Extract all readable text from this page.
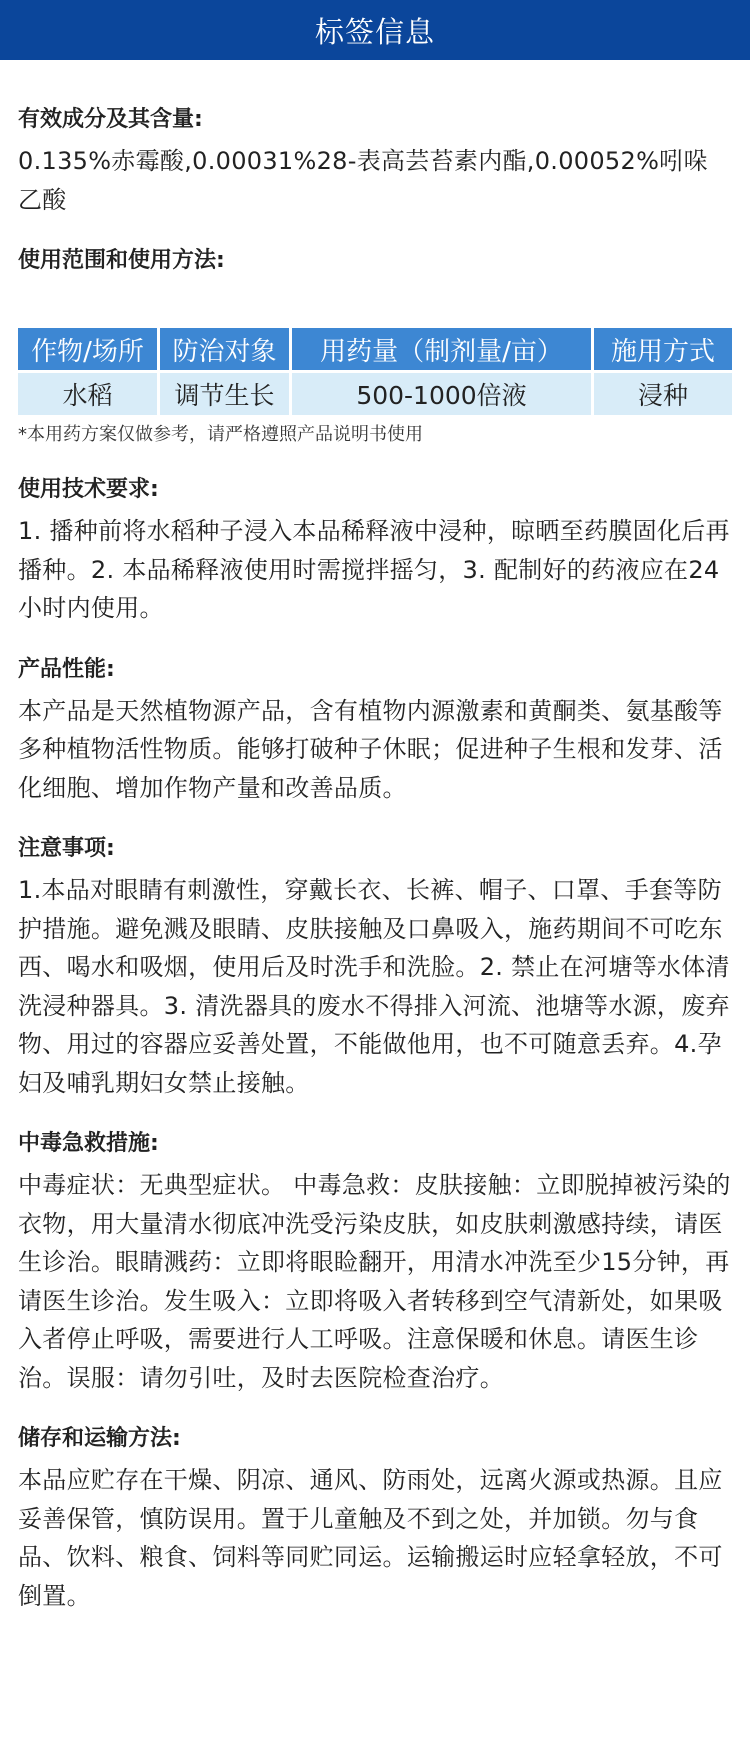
标签信息
有效成分及其含量:

0.135%赤霉酸,0.00031%28-表高芸苔素内酯,0.00052%吲哚乙酸

使用范围和使用方法:
作物/场所	防治对象	用药量（制剂量/亩）	施用方式
水稻	调节生长	500-1000倍液	浸种
*本用药方案仅做参考，请严格遵照产品说明书使用
使用技术要求:

1. 播种前将水稻种子浸入本品稀释液中浸种，晾晒至药膜固化后再播种。2. 本品稀释液使用时需搅拌摇匀，3. 配制好的药液应在24小时内使用。

产品性能:

本产品是天然植物源产品，含有植物内源激素和黄酮类、氨基酸等多种植物活性物质。能够打破种子休眠；促进种子生根和发芽、活化细胞、增加作物产量和改善品质。

注意事项:

1.本品对眼睛有刺激性，穿戴长衣、长裤、帽子、口罩、手套等防护措施。避免溅及眼睛、皮肤接触及口鼻吸入，施药期间不可吃东西、喝水和吸烟，使用后及时洗手和洗脸。2. 禁止在河塘等水体清洗浸种器具。3. 清洗器具的废水不得排入河流、池塘等水源，废弃物、用过的容器应妥善处置，不能做他用，也不可随意丢弃。4.孕妇及哺乳期妇女禁止接触。

中毒急救措施:

中毒症状：无典型症状。 中毒急救：皮肤接触：立即脱掉被污染的衣物，用大量清水彻底冲洗受污染皮肤，如皮肤刺激感持续，请医生诊治。眼睛溅药：立即将眼睑翻开，用清水冲洗至少15分钟，再请医生诊治。发生吸入：立即将吸入者转移到空气清新处，如果吸入者停止呼吸，需要进行人工呼吸。注意保暖和休息。请医生诊治。误服：请勿引吐，及时去医院检查治疗。

储存和运输方法:

本品应贮存在干燥、阴凉、通风、防雨处，远离火源或热源。且应妥善保管，慎防误用。置于儿童触及不到之处，并加锁。勿与食品、饮料、粮食、饲料等同贮同运。运输搬运时应轻拿轻放，不可倒置。
